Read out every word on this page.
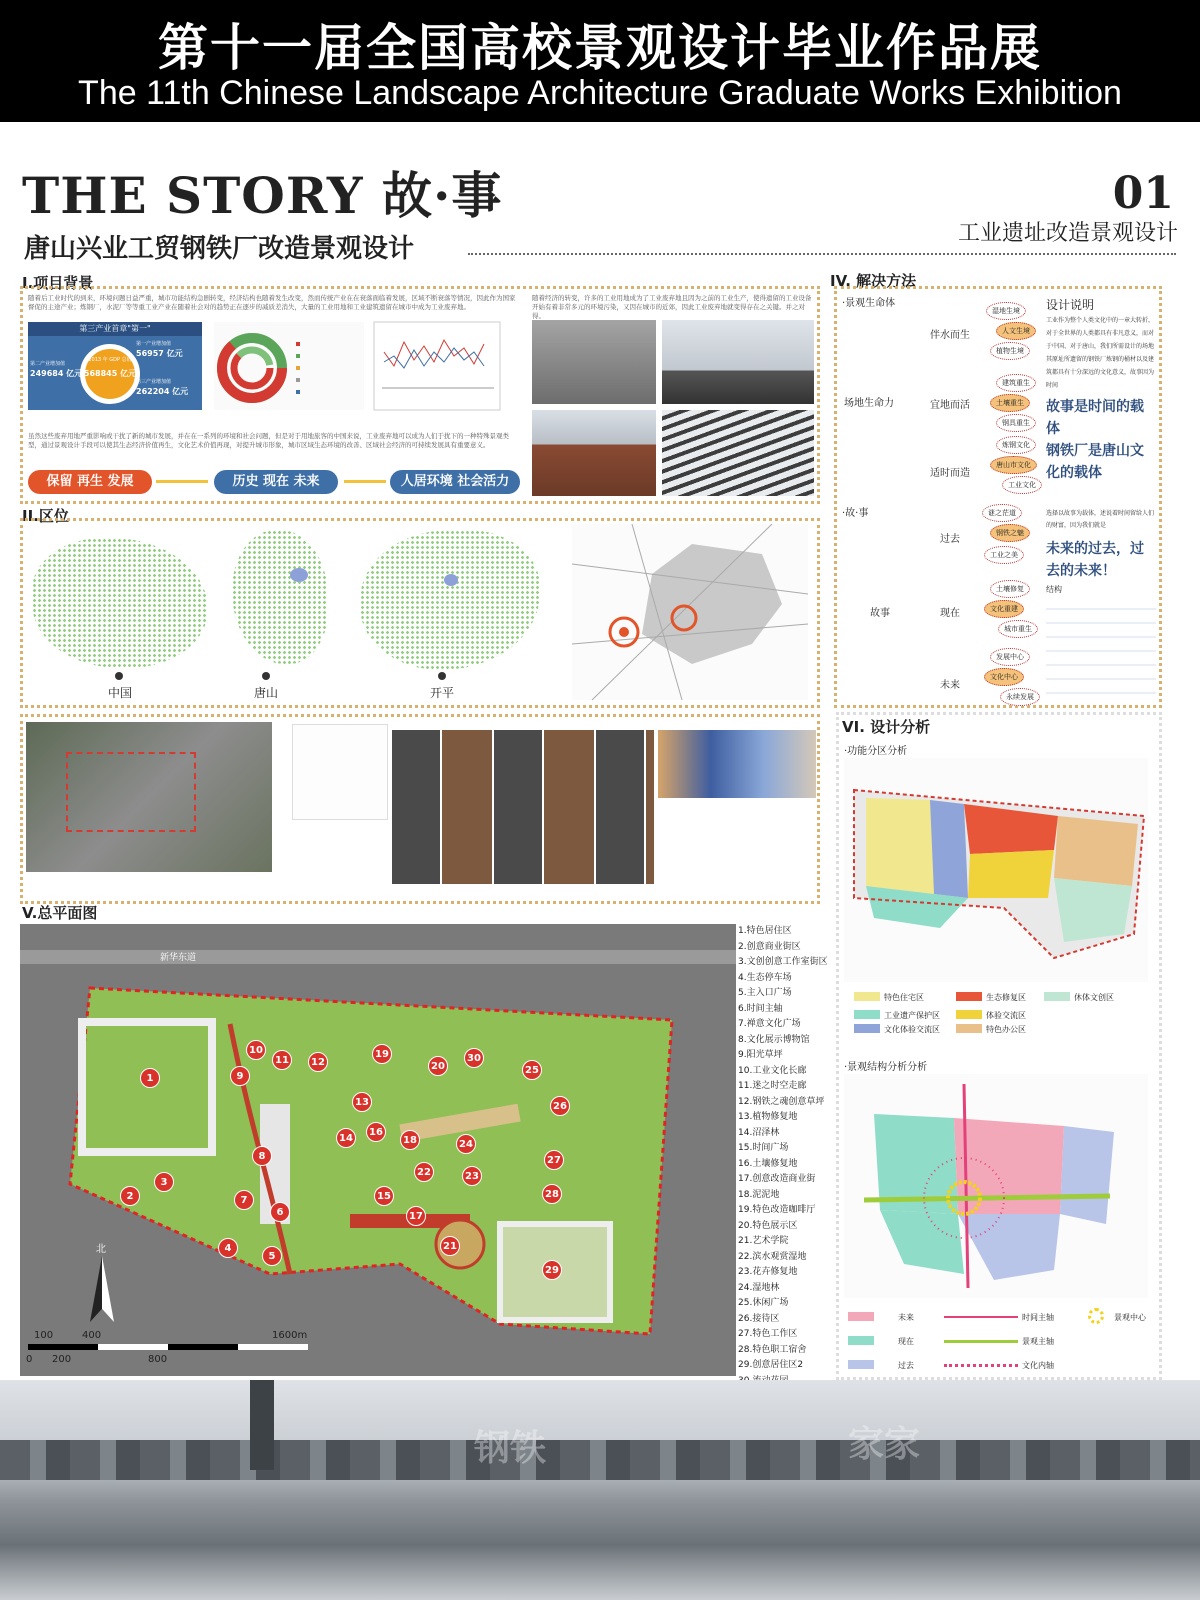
第十一届全国高校景观设计毕业作品展
The 11th Chinese Landscape Architecture Graduate Works Exhibition
THE STORY 故·事	01
唐山兴业工贸钢铁厂改造景观设计
工业遗址改造景观设计
I.项目背景
随着后工业时代的到来，环境问题日益严重，城市功能结构急剧转变，经济结构也随着发生改变，然而传统产业在在衰落面临着发展，区域不断衰落等情况，因此作为国家督促的主途产业；炼钢厂，水泥厂等等重工业产业在随着社会对的趋势正在逐步的减质差消失，大量的工业用地和工业建筑遗留在城市中成为工业废弃地。
随着经济的转变，许多的工业用地成为了工业废弃地且因为之前的工业生产，使得遗留的工业设备开始有着非常多元的环境污染，又因在城市的近郊，因此工业废弃地就变得存在之关键。并之对得。
第三产业首章"第一"
2013 年 GDP 总值
568845 亿元
第一产业增加值
56957 亿元
第二产业增加值
249684 亿元
第三产业增加值
262204 亿元
虽然这些废弃用地严重影响或干扰了新的城市发展，并在在一系列的环境和社会问题，但是对于用地旅客的中国来说，工业废弃地可以成为人们于扰下的一种特殊景观类型，通过景观设计手段可以使其生态经济价值再生，文化艺术价值再现，对提升城市形象，城市区域生态环境的改善、区域社会经济的可持续发展具有重要意义。
保留 再生 发展	历史 现在 未来	人居环境 社会活力
II.区位
中国	唐山	开平
IV. 解决方法
·景观生命体
场地生命力
伴水而生
宜地而活
适时而造
湿地生境
人文生境
植物生境
建筑重生
土壤重生
钢具重生
炼钢文化
唐山市文化
工业文化
设计说明
工业作为整个人类文化中的一章大转折，对于全世界的人类都具有非凡意义，而对于中国、对于唐山，我们所需设计的场地其原址所遗留的钢铁厂炼钢的桶材以及建筑都具有十分深远的文化意义，故事因为时间
故事是时间的载体
钢铁厂是唐山文化的载体
选择以故事为载体，述说着时间留给人们的财富，因为我们就是
未来的过去，过去的未来！
结构
·故·事
故事
过去
现在
未来
谜之茫道
钢铁之魅
工业之美
土壤修复
文化重建
城市重生
发展中心
文化中心
永续发展
VI. 设计分析
·功能分区分析
特色住宅区	生态修复区	休体文创区
工业遗产保护区	体验交流区
文化体验交流区	特色办公区
·景观结构分析分析
未来	时间主轴	景观中心
现在	景观主轴
过去	文化内轴
V.总平面图
新华东道
1
2
3
4
5
6
7
8
9
10
11	12
13
14
15
16
17
18
19
20
21
22	23
24
25
26
27
28
29
30
北
100	400	1600m
0 200	800
1.特色居住区
2.创意商业街区
3.文创创意工作室街区
4.生态停车场
5.主入口广场
6.时间主轴
7.禅意文化广场
8.文化展示博物馆
9.阳光草坪
10.工业文化长廊
11.迷之时空走廊
12.钢铁之魂创意草坪
13.植物修复地
14.沼泽林
15.时间广场
16.土壤修复地
17.创意改造商业街
18.泥泥地
19.特色改造咖啡厅
20.特色展示区
21.艺术学院
22.滨水观赏湿地
23.花卉修复地
24.湿地林
25.休闲广场
26.接待区
27.特色工作区
28.特色职工宿舍
29.创意居住区2
钢铁	家家
